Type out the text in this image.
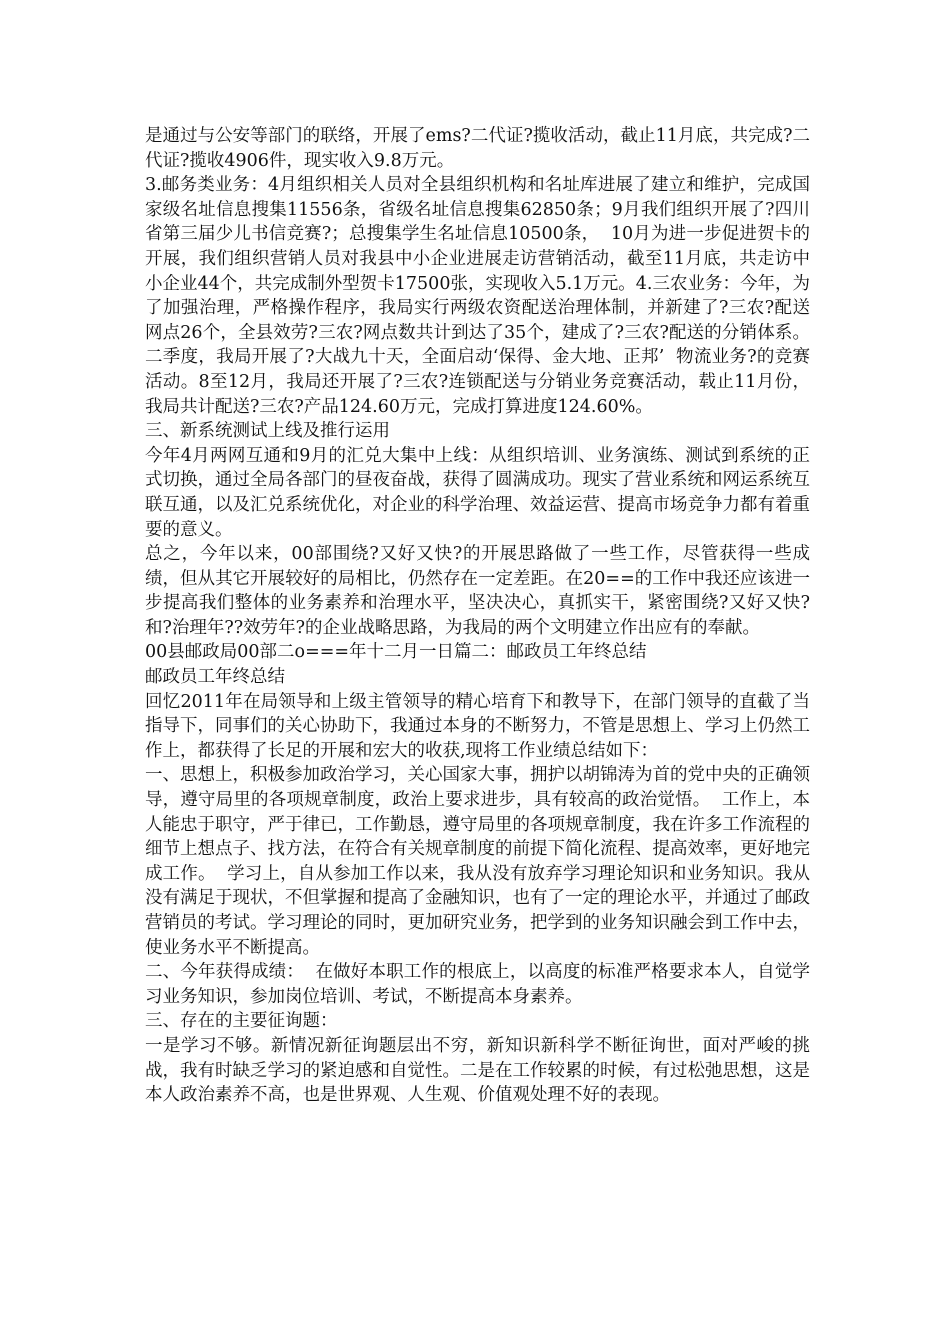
是通过与公安等部门的联络，开展了ems?二代证?揽收活动，截止11月底，共完成?二代证?揽收4906件，现实收入9.8万元。

3.邮务类业务：4月组织相关人员对全县组织机构和名址库进展了建立和维护，完成国家级名址信息搜集11556条，省级名址信息搜集62850条；9月我们组织开展了?四川省第三届少儿书信竞赛?；总搜集学生名址信息10500条，  10月为进一步促进贺卡的开展，我们组织营销人员对我县中小企业进展走访营销活动，截至11月底，共走访中小企业44个，共完成制外型贺卡17500张，实现收入5.1万元。4.三农业务：今年，为了加强治理，严格操作程序，我局实行两级农资配送治理体制，并新建了?三农?配送网点26个，全县效劳?三农?网点数共计到达了35个，建成了?三农?配送的分销体系。二季度，我局开展了?大战九十天，全面启动‘保得、金大地、正邦’  物流业务?的竞赛活动。8至12月，我局还开展了?三农?连锁配送与分销业务竞赛活动，载止11月份，我局共计配送?三农?产品124.60万元，完成打算进度124.60%。

三、新系统测试上线及推行运用

今年4月两网互通和9月的汇兑大集中上线：从组织培训、业务演练、测试到系统的正式切换，通过全局各部门的昼夜奋战，获得了圆满成功。现实了营业系统和网运系统互联互通，以及汇兑系统优化，对企业的科学治理、效益运营、提高市场竞争力都有着重要的意义。

总之，今年以来，00部围绕?又好又快?的开展思路做了一些工作，尽管获得一些成绩，但从其它开展较好的局相比，仍然存在一定差距。在20==的工作中我还应该进一步提高我们整体的业务素养和治理水平，坚决决心，真抓实干，紧密围绕?又好又快?和?治理年??效劳年?的企业战略思路，为我局的两个文明建立作出应有的奉献。

00县邮政局00部二o===年十二月一日篇二：邮政员工年终总结

邮政员工年终总结

回忆2011年在局领导和上级主管领导的精心培育下和教导下，在部门领导的直截了当指导下，同事们的关心协助下，我通过本身的不断努力，不管是思想上、学习上仍然工作上，都获得了长足的开展和宏大的收获,现将工作业绩总结如下：

一、思想上，积极参加政治学习，关心国家大事，拥护以胡锦涛为首的党中央的正确领导，遵守局里的各项规章制度，政治上要求进步，具有较高的政治觉悟。  工作上，本人能忠于职守，严于律已，工作勤恳，遵守局里的各项规章制度，我在许多工作流程的细节上想点子、找方法，在符合有关规章制度的前提下简化流程、提高效率，更好地完成工作。  学习上，自从参加工作以来，我从没有放弃学习理论知识和业务知识。我从没有满足于现状，不但掌握和提高了金融知识，也有了一定的理论水平，并通过了邮政营销员的考试。学习理论的同时，更加研究业务，把学到的业务知识融会到工作中去，使业务水平不断提高。

二、今年获得成绩：  在做好本职工作的根底上，以高度的标准严格要求本人，自觉学习业务知识，参加岗位培训、考试，不断提高本身素养。

三、存在的主要征询题：

一是学习不够。新情况新征询题层出不穷，新知识新科学不断征询世，面对严峻的挑战，我有时缺乏学习的紧迫感和自觉性。二是在工作较累的时候，有过松弛思想，这是本人政治素养不高，也是世界观、人生观、价值观处理不好的表现。
